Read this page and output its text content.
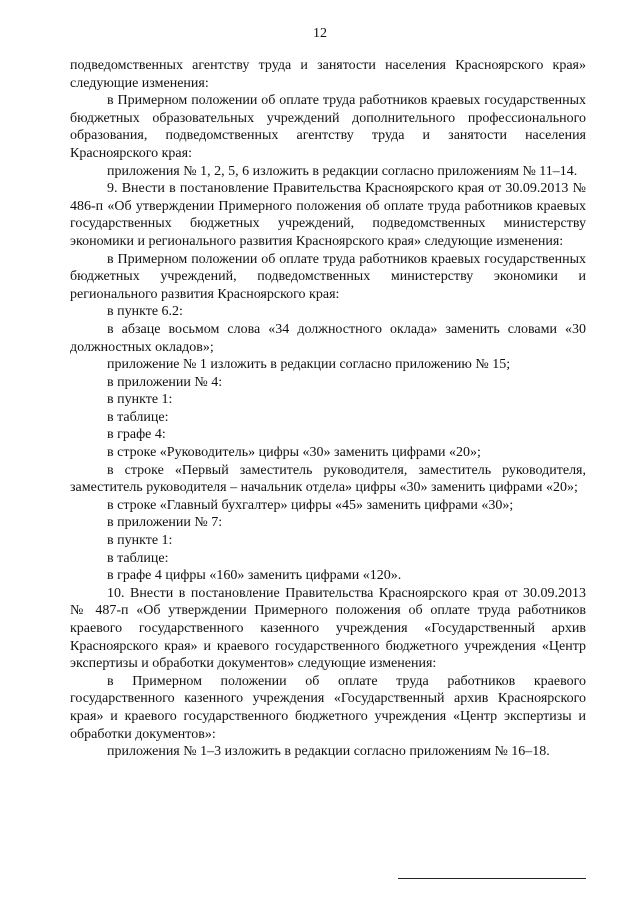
12

подведомственных агентству труда и занятости населения Красноярского края» следующие изменения:

в Примерном положении об оплате труда работников краевых государственных бюджетных образовательных учреждений дополнительного профессионального образования, подведомственных агентству труда и занятости населения Красноярского края:

приложения № 1, 2, 5, 6 изложить в редакции согласно приложениям № 11–14.

9. Внести в постановление Правительства Красноярского края от 30.09.2013 № 486-п «Об утверждении Примерного положения об оплате труда работников краевых государственных бюджетных учреждений, подведомственных министерству экономики и регионального развития Красноярского края» следующие изменения:

в Примерном положении об оплате труда работников краевых государственных бюджетных учреждений, подведомственных министерству экономики и регионального развития Красноярского края:

в пункте 6.2:

в абзаце восьмом слова «34 должностного оклада» заменить словами «30 должностных окладов»;

приложение № 1 изложить в редакции согласно приложению № 15;

в приложении № 4:

в пункте 1:

в таблице:

в графе 4:

в строке «Руководитель» цифры «30» заменить цифрами «20»;

в строке «Первый заместитель руководителя, заместитель руководителя, заместитель руководителя – начальник отдела» цифры «30» заменить цифрами «20»;

в строке «Главный бухгалтер» цифры «45» заменить цифрами «30»;

в приложении № 7:

в пункте 1:

в таблице:

в графе 4 цифры «160» заменить цифрами «120».

10. Внести в постановление Правительства Красноярского края от 30.09.2013 № 487-п «Об утверждении Примерного положения об оплате труда работников краевого государственного казенного учреждения «Государственный архив Красноярского края» и краевого государственного бюджетного учреждения «Центр экспертизы и обработки документов» следующие изменения:

в Примерном положении об оплате труда работников краевого государственного казенного учреждения «Государственный архив Красноярского края» и краевого государственного бюджетного учреждения «Центр экспертизы и обработки документов»:

приложения № 1–3 изложить в редакции согласно приложениям № 16–18.
